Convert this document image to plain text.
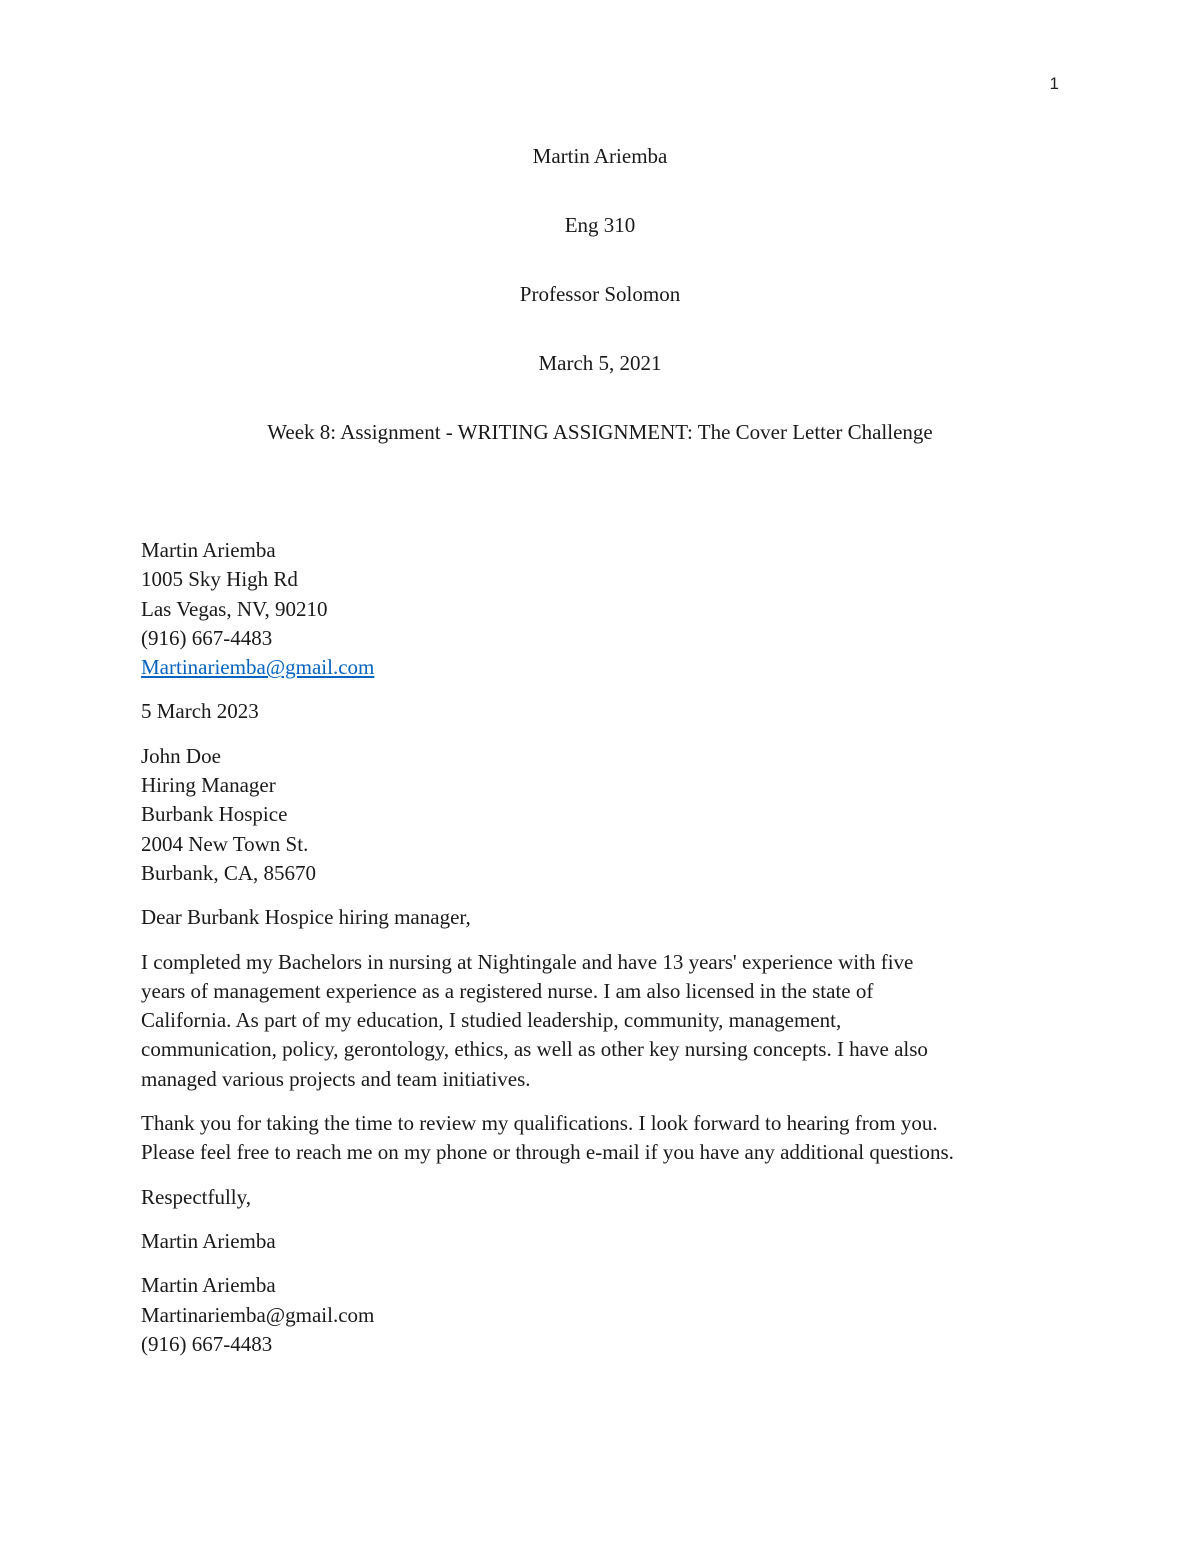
1
Martin Ariemba
Eng 310
Professor Solomon
March 5, 2021
Week 8: Assignment - WRITING ASSIGNMENT: The Cover Letter Challenge
Martin Ariemba
1005 Sky High Rd
Las Vegas, NV, 90210
(916) 667-4483
Martinariemba@gmail.com
5 March 2023
John Doe
Hiring Manager
Burbank Hospice
2004 New Town St.
Burbank, CA, 85670
Dear Burbank Hospice hiring manager,
I completed my Bachelors in nursing at Nightingale and have 13 years' experience with five
years of management experience as a registered nurse. I am also licensed in the state of
California. As part of my education, I studied leadership, community, management,
communication, policy, gerontology, ethics, as well as other key nursing concepts. I have also
managed various projects and team initiatives.
Thank you for taking the time to review my qualifications. I look forward to hearing from you.
Please feel free to reach me on my phone or through e-mail if you have any additional questions.
Respectfully,
Martin Ariemba
Martin Ariemba
Martinariemba@gmail.com
(916) 667-4483
